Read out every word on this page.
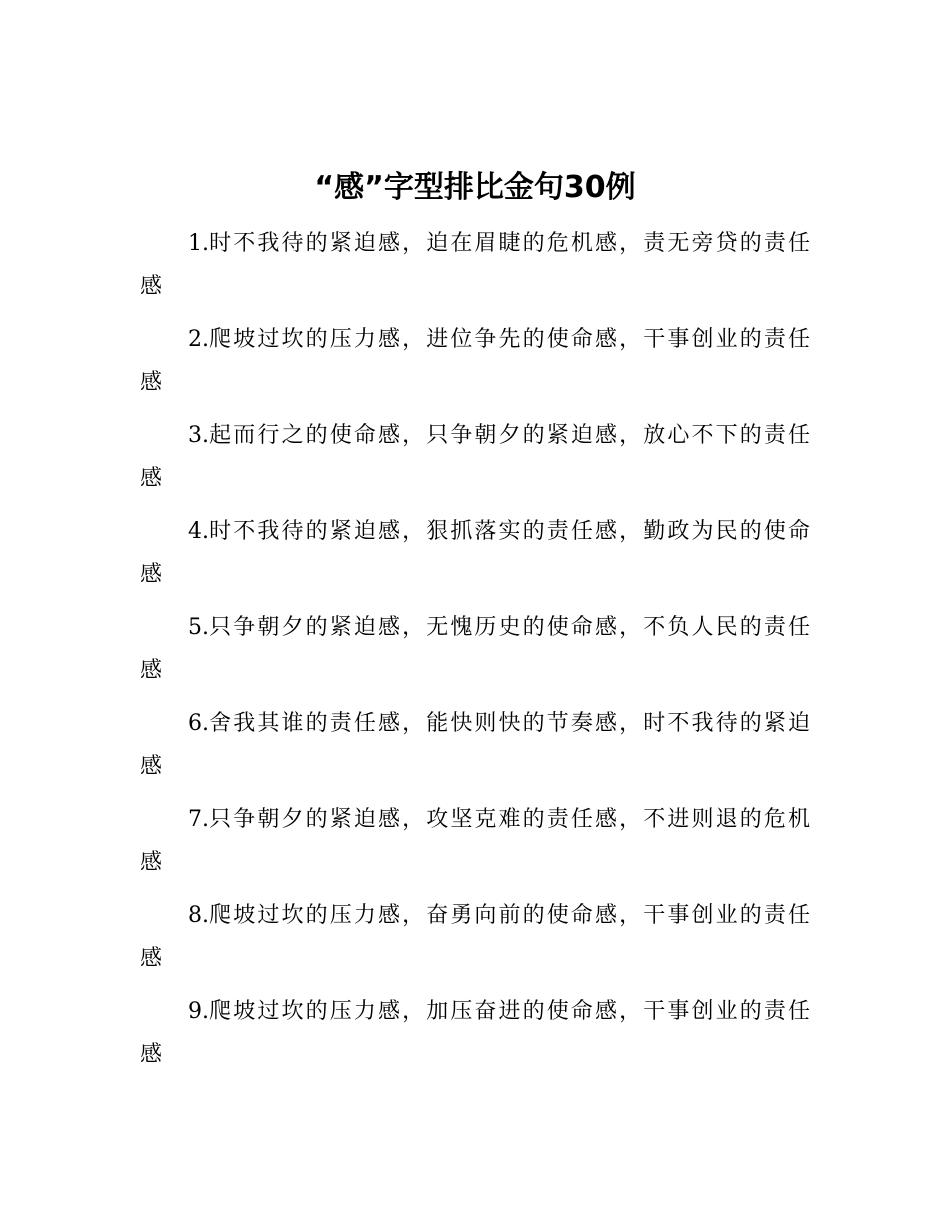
“感”字型排比金句30例
1.时不我待的紧迫感，迫在眉睫的危机感，责无旁贷的责任感
2.爬坡过坎的压力感，进位争先的使命感，干事创业的责任感
3.起而行之的使命感，只争朝夕的紧迫感，放心不下的责任感
4.时不我待的紧迫感，狠抓落实的责任感，勤政为民的使命感
5.只争朝夕的紧迫感，无愧历史的使命感，不负人民的责任感
6.舍我其谁的责任感，能快则快的节奏感，时不我待的紧迫感
7.只争朝夕的紧迫感，攻坚克难的责任感，不进则退的危机感
8.爬坡过坎的压力感，奋勇向前的使命感，干事创业的责任感
9.爬坡过坎的压力感，加压奋进的使命感，干事创业的责任感
